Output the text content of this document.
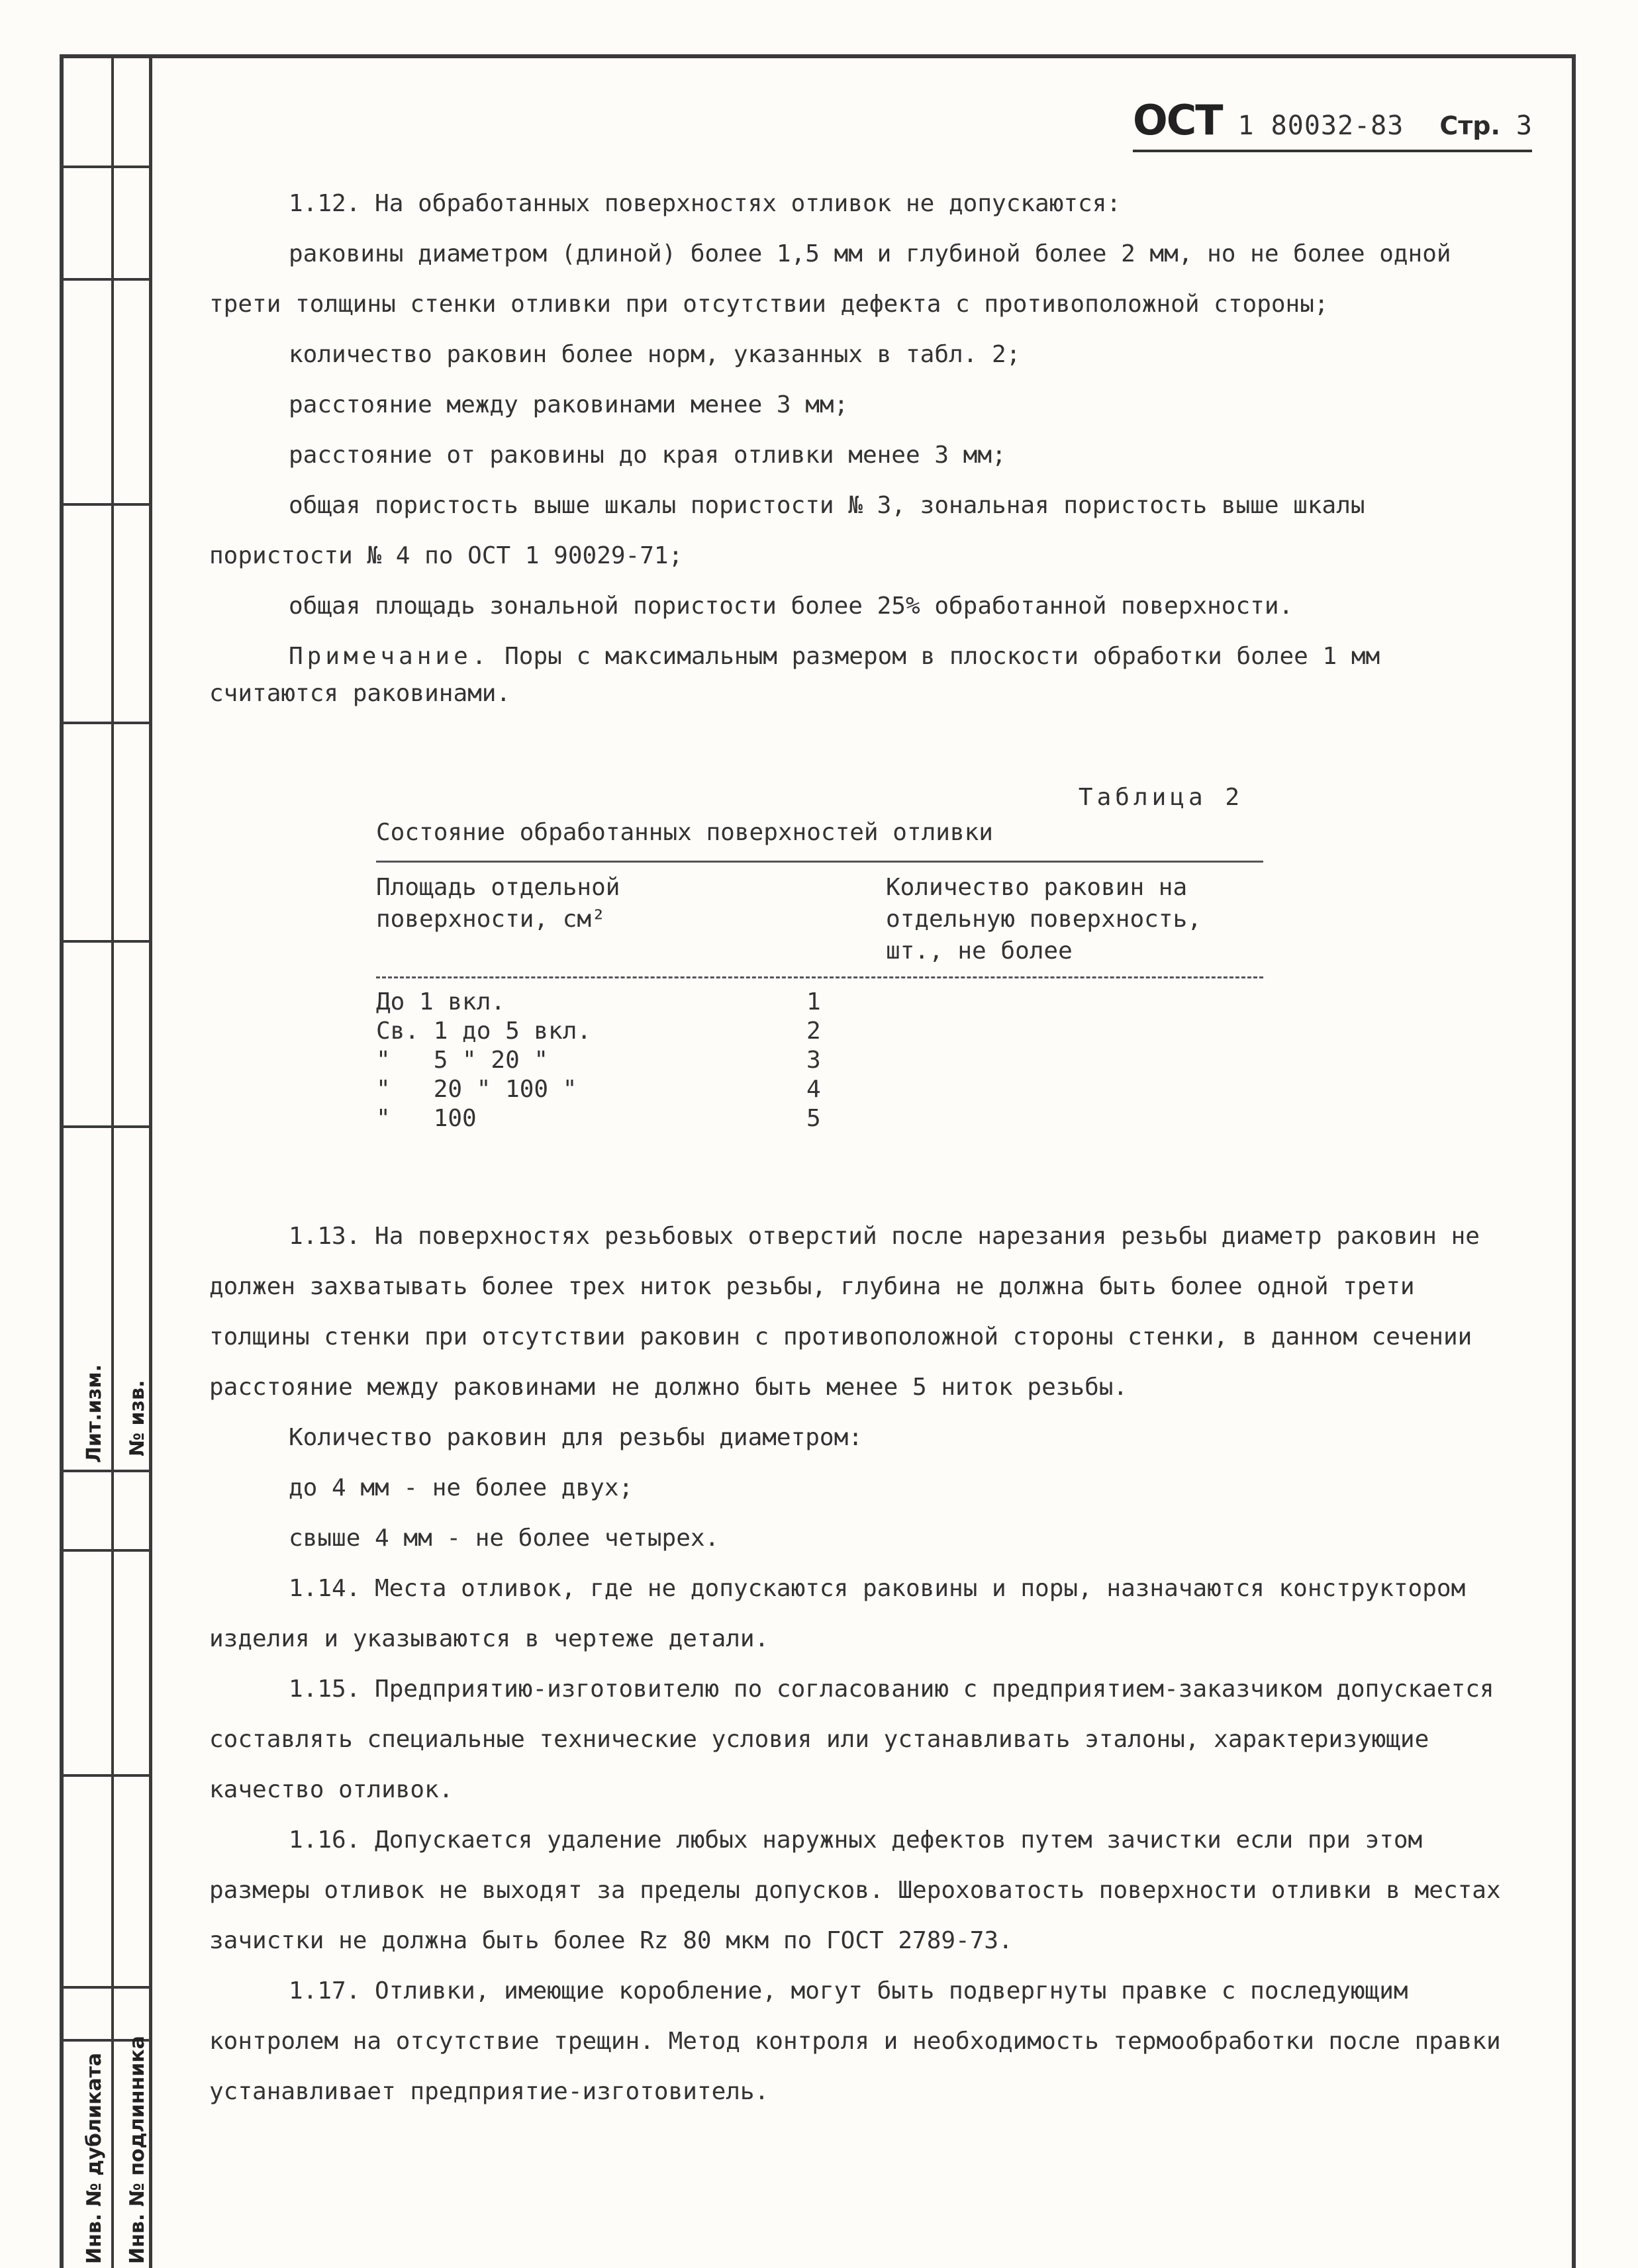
Лит.изм. № изв.
Инв. № дубликата Инв. № подлинника
ОСТ 1 80032-83 Стр. 3

1.12. На обработанных поверхностях отливок не допускаются:

раковины диаметром (длиной) более 1,5 мм и глубиной более 2 мм, но не более одной трети толщины стенки отливки при отсутствии дефекта с противоположной стороны;

количество раковин более норм, указанных в табл. 2;

расстояние между раковинами менее 3 мм;

расстояние от раковины до края отливки менее 3 мм;

общая пористость выше шкалы пористости № 3, зональная пористость выше шкалы пористости № 4 по ОСТ 1 90029-71;

общая площадь зональной пористости более 25% обработанной поверхности.

Примечание. Поры с максимальным размером в плоскости обработки более 1 мм считаются раковинами.

Таблица 2
Состояние обработанных поверхностей отливки
Площадь отдельной поверхности, см²
Количество раковин на отдельную поверхность, шт., не более
До 1 вкл.	1
Св. 1 до 5 вкл.	2
"   5 " 20 "	3
"   20 " 100 "	4
"   100	5

1.13. На поверхностях резьбовых отверстий после нарезания резьбы диаметр раковин не должен захватывать более трех ниток резьбы, глубина не должна быть более одной трети толщины стенки при отсутствии раковин с противоположной стороны стенки, в данном сечении расстояние между раковинами не должно быть менее 5 ниток резьбы.

Количество раковин для резьбы диаметром:

до 4 мм - не более двух;

свыше 4 мм - не более четырех.

1.14. Места отливок, где не допускаются раковины и поры, назначаются конструктором изделия и указываются в чертеже детали.

1.15. Предприятию-изготовителю по согласованию с предприятием-заказчиком допускается составлять специальные технические условия или устанавливать эталоны, характеризующие качество отливок.

1.16. Допускается удаление любых наружных дефектов путем зачистки если при этом размеры отливок не выходят за пределы допусков. Шероховатость поверхности отливки в местах зачистки не должна быть более Rz 80 мкм по ГОСТ 2789-73.

1.17. Отливки, имеющие коробление, могут быть подвергнуты правке с последующим контролем на отсутствие трещин. Метод контроля и необходимость термообработки после правки устанавливает предприятие-изготовитель.
